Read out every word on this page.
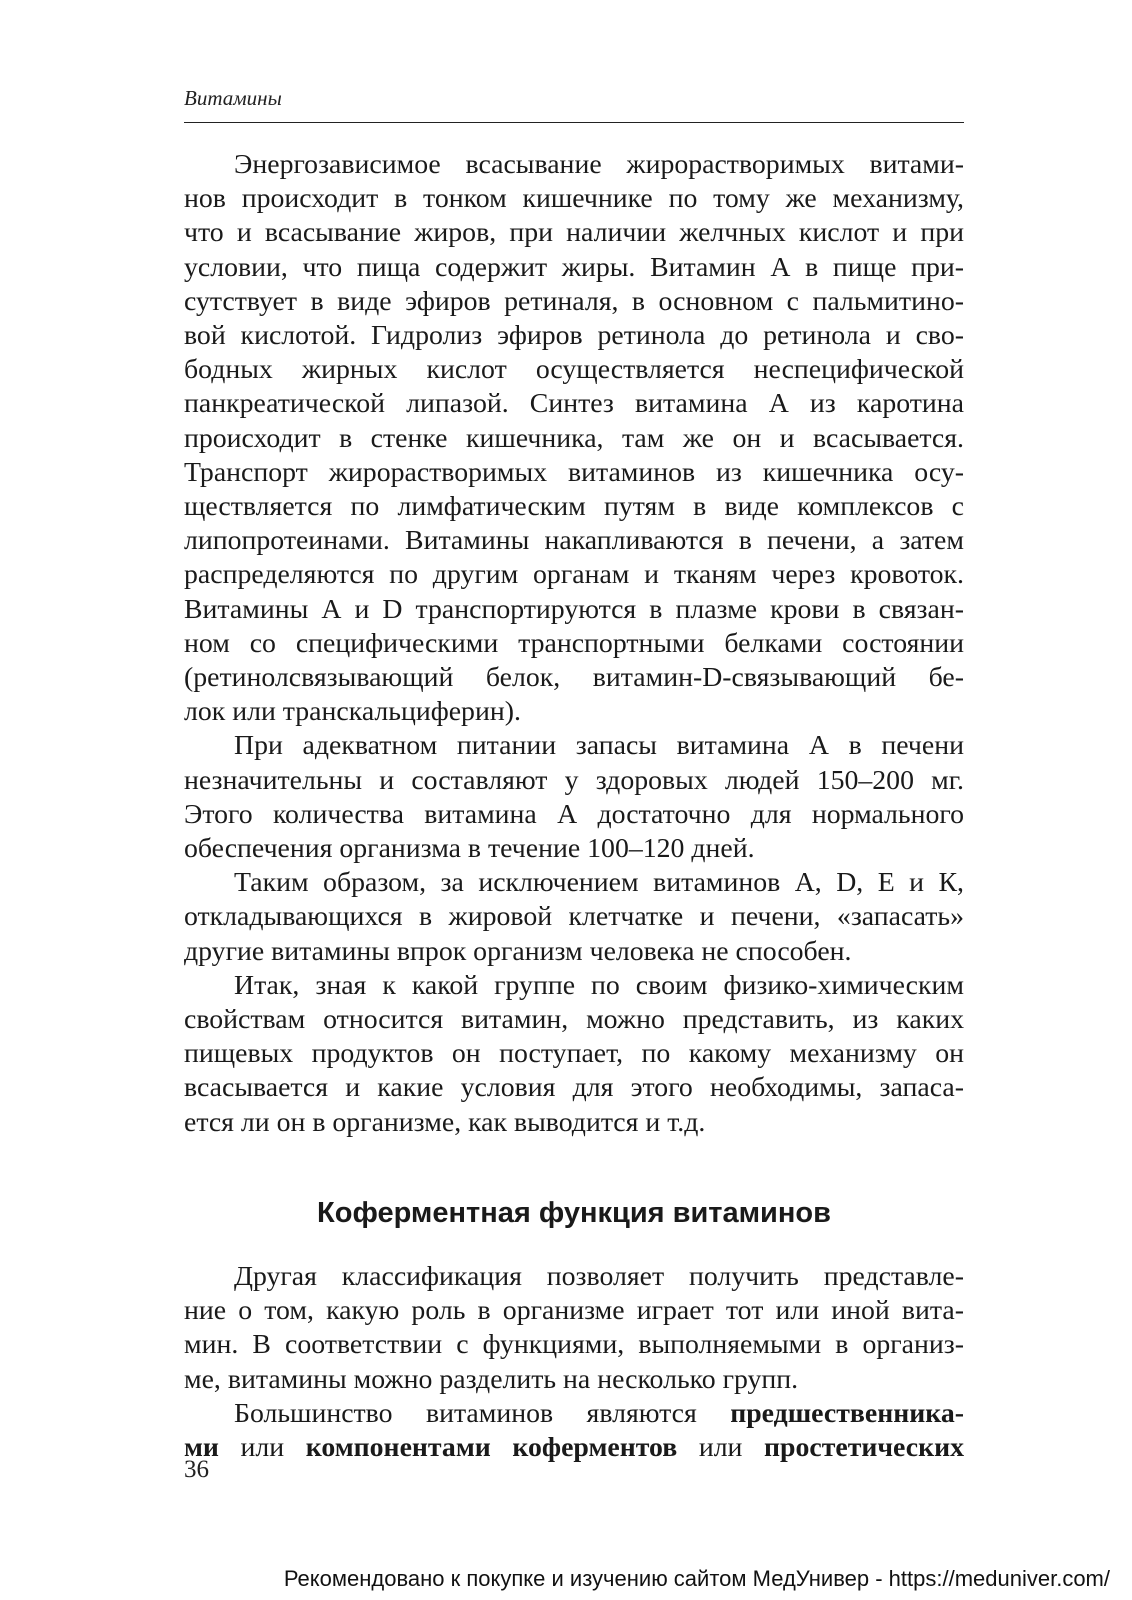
Витамины
Энергозависимое всасывание жирорастворимых витами-
нов происходит в тонком кишечнике по тому же механизму,
что и всасывание жиров, при наличии желчных кислот и при
условии, что пища содержит жиры. Витамин А в пище при-
сутствует в виде эфиров ретиналя, в основном с пальмитино-
вой кислотой. Гидролиз эфиров ретинола до ретинола и сво-
бодных жирных кислот осуществляется неспецифической
панкреатической липазой. Синтез витамина А из каротина
происходит в стенке кишечника, там же он и всасывается.
Транспорт жирорастворимых витаминов из кишечника осу-
ществляется по лимфатическим путям в виде комплексов с
липопротеинами. Витамины накапливаются в печени, а затем
распределяются по другим органам и тканям через кровоток.
Витамины А и D транспортируются в плазме крови в связан-
ном со специфическими транспортными белками состоянии
(ретинолсвязывающий белок, витамин-D-связывающий бе-
лок или транскальциферин).
При адекватном питании запасы витамина А в печени
незначительны и составляют у здоровых людей 150–200 мг.
Этого количества витамина А достаточно для нормального
обеспечения организма в течение 100–120 дней.
Таким образом, за исключением витаминов А, D, Е и К,
откладывающихся в жировой клетчатке и печени, «запасать»
другие витамины впрок организм человека не способен.
Итак, зная к какой группе по своим физико-химическим
свойствам относится витамин, можно представить, из каких
пищевых продуктов он поступает, по какому механизму он
всасывается и какие условия для этого необходимы, запаса-
ется ли он в организме, как выводится и т.д.
Коферментная функция витаминов
Другая классификация позволяет получить представле-
ние о том, какую роль в организме играет тот или иной вита-
мин. В соответствии с функциями, выполняемыми в организ-
ме, витамины можно разделить на несколько групп.
Большинство витаминов являются предшественника-
ми или компонентами коферментов или простетических
36
Рекомендовано к покупке и изучению сайтом МедУнивер - https://meduniver.com/
